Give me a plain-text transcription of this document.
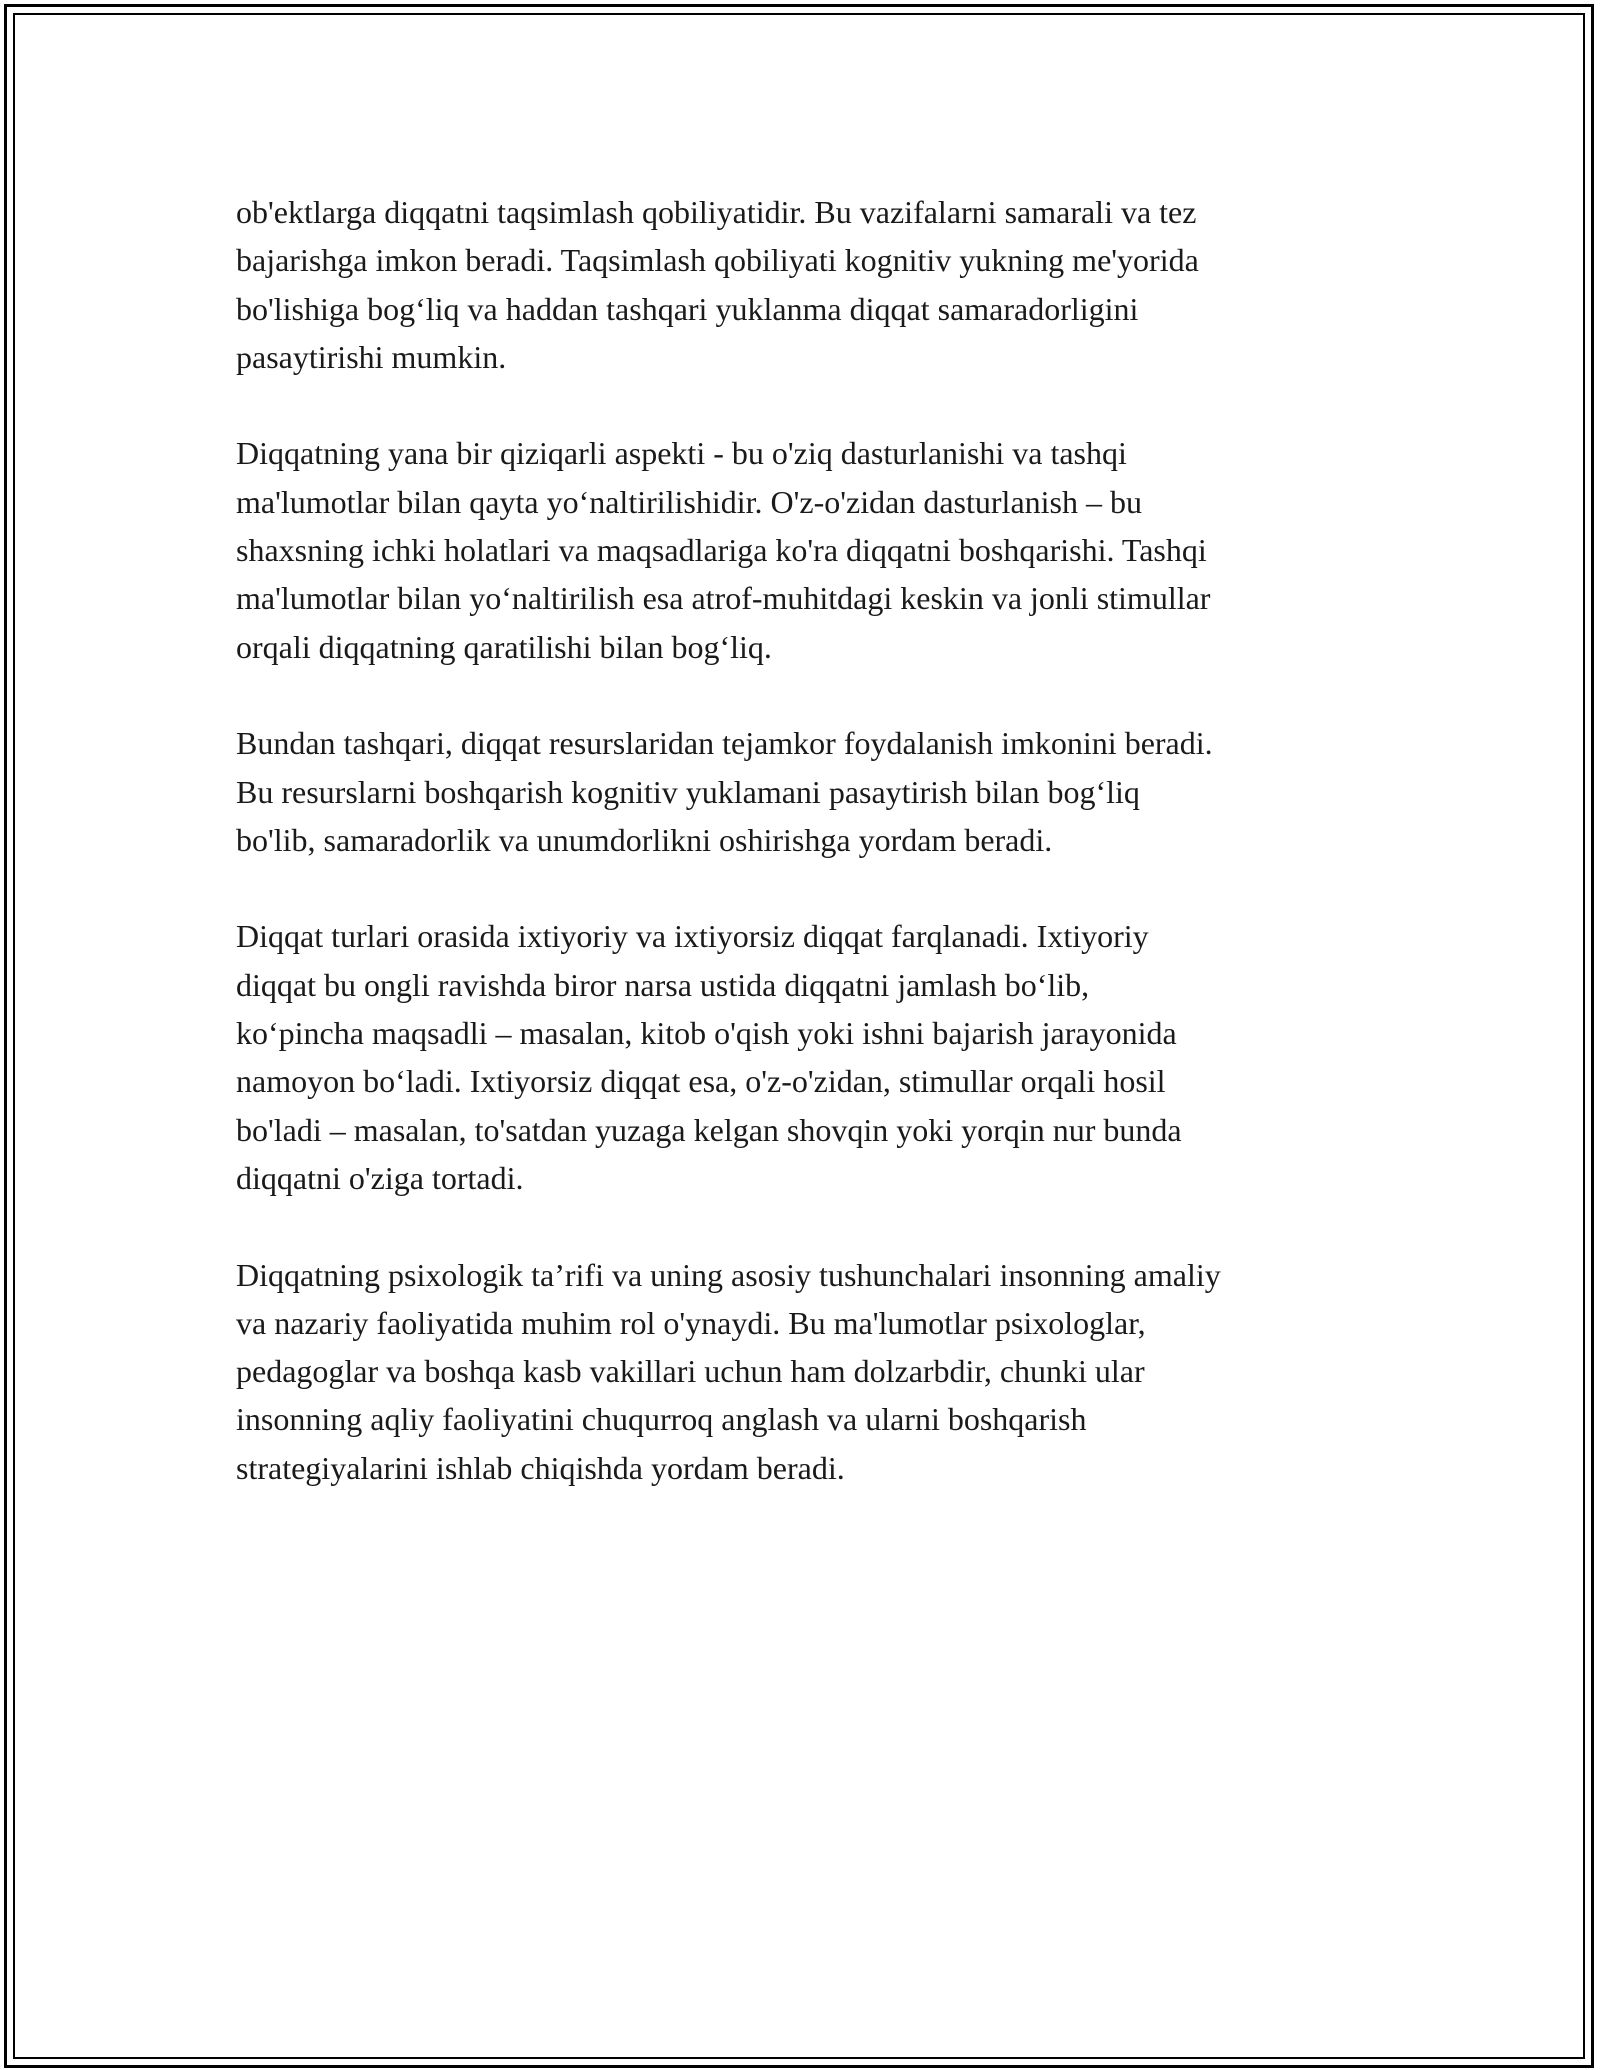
ob'ektlarga diqqatni taqsimlash qobiliyatidir. Bu vazifalarni samarali va tez
bajarishga imkon beradi. Taqsimlash qobiliyati kognitiv yukning me'yorida
bo'lishiga bog‘liq va haddan tashqari yuklanma diqqat samaradorligini
pasaytirishi mumkin.

Diqqatning yana bir qiziqarli aspekti - bu o'ziq dasturlanishi va tashqi
ma'lumotlar bilan qayta yo‘naltirilishidir. O'z-o'zidan dasturlanish – bu
shaxsning ichki holatlari va maqsadlariga ko'ra diqqatni boshqarishi. Tashqi
ma'lumotlar bilan yo‘naltirilish esa atrof-muhitdagi keskin va jonli stimullar
orqali diqqatning qaratilishi bilan bog‘liq.

Bundan tashqari, diqqat resurslaridan tejamkor foydalanish imkonini beradi.
Bu resurslarni boshqarish kognitiv yuklamani pasaytirish bilan bog‘liq
bo'lib, samaradorlik va unumdorlikni oshirishga yordam beradi.

Diqqat turlari orasida ixtiyoriy va ixtiyorsiz diqqat farqlanadi. Ixtiyoriy
diqqat bu ongli ravishda biror narsa ustida diqqatni jamlash bo‘lib,
ko‘pincha maqsadli – masalan, kitob o'qish yoki ishni bajarish jarayonida
namoyon bo‘ladi. Ixtiyorsiz diqqat esa, o'z-o'zidan, stimullar orqali hosil
bo'ladi – masalan, to'satdan yuzaga kelgan shovqin yoki yorqin nur bunda
diqqatni o'ziga tortadi.

Diqqatning psixologik ta’rifi va uning asosiy tushunchalari insonning amaliy
va nazariy faoliyatida muhim rol o'ynaydi. Bu ma'lumotlar psixologlar,
pedagoglar va boshqa kasb vakillari uchun ham dolzarbdir, chunki ular
insonning aqliy faoliyatini chuqurroq anglash va ularni boshqarish
strategiyalarini ishlab chiqishda yordam beradi.
